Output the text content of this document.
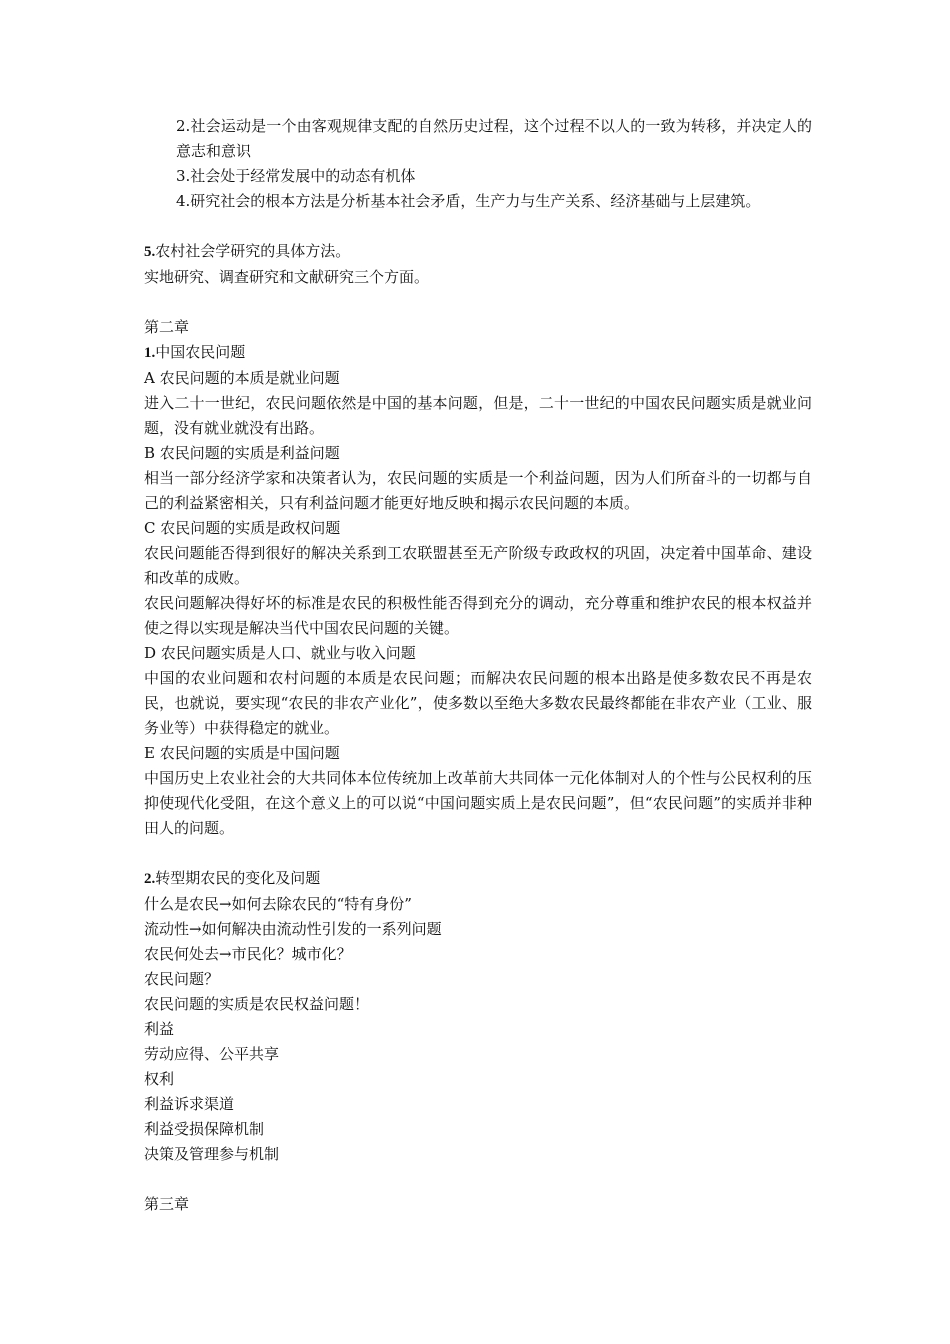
2.社会运动是一个由客观规律支配的自然历史过程，这个过程不以人的一致为转移，并决定人的意志和意识

3.社会处于经常发展中的动态有机体

4.研究社会的根本方法是分析基本社会矛盾，生产力与生产关系、经济基础与上层建筑。

5.农村社会学研究的具体方法。

实地研究、调查研究和文献研究三个方面。

第二章

1.中国农民问题

A 农民问题的本质是就业问题

进入二十一世纪，农民问题依然是中国的基本问题，但是，二十一世纪的中国农民问题实质是就业问题，没有就业就没有出路。

B 农民问题的实质是利益问题

相当一部分经济学家和决策者认为，农民问题的实质是一个利益问题，因为人们所奋斗的一切都与自己的利益紧密相关，只有利益问题才能更好地反映和揭示农民问题的本质。

C 农民问题的实质是政权问题

农民问题能否得到很好的解决关系到工农联盟甚至无产阶级专政政权的巩固，决定着中国革命、建设和改革的成败。

农民问题解决得好坏的标准是农民的积极性能否得到充分的调动，充分尊重和维护农民的根本权益并使之得以实现是解决当代中国农民问题的关键。

D 农民问题实质是人口、就业与收入问题

中国的农业问题和农村问题的本质是农民问题；而解决农民问题的根本出路是使多数农民不再是农民，也就说，要实现“农民的非农产业化”，使多数以至绝大多数农民最终都能在非农产业（工业、服务业等）中获得稳定的就业。

E 农民问题的实质是中国问题

中国历史上农业社会的大共同体本位传统加上改革前大共同体一元化体制对人的个性与公民权利的压抑使现代化受阻，在这个意义上的可以说“中国问题实质上是农民问题”，但“农民问题”的实质并非种田人的问题。

2.转型期农民的变化及问题

什么是农民→如何去除农民的“特有身份”

流动性→如何解决由流动性引发的一系列问题

农民何处去→市民化？城市化？

农民问题？

农民问题的实质是农民权益问题！

利益

劳动应得、公平共享

权利

利益诉求渠道

利益受损保障机制

决策及管理参与机制

第三章
